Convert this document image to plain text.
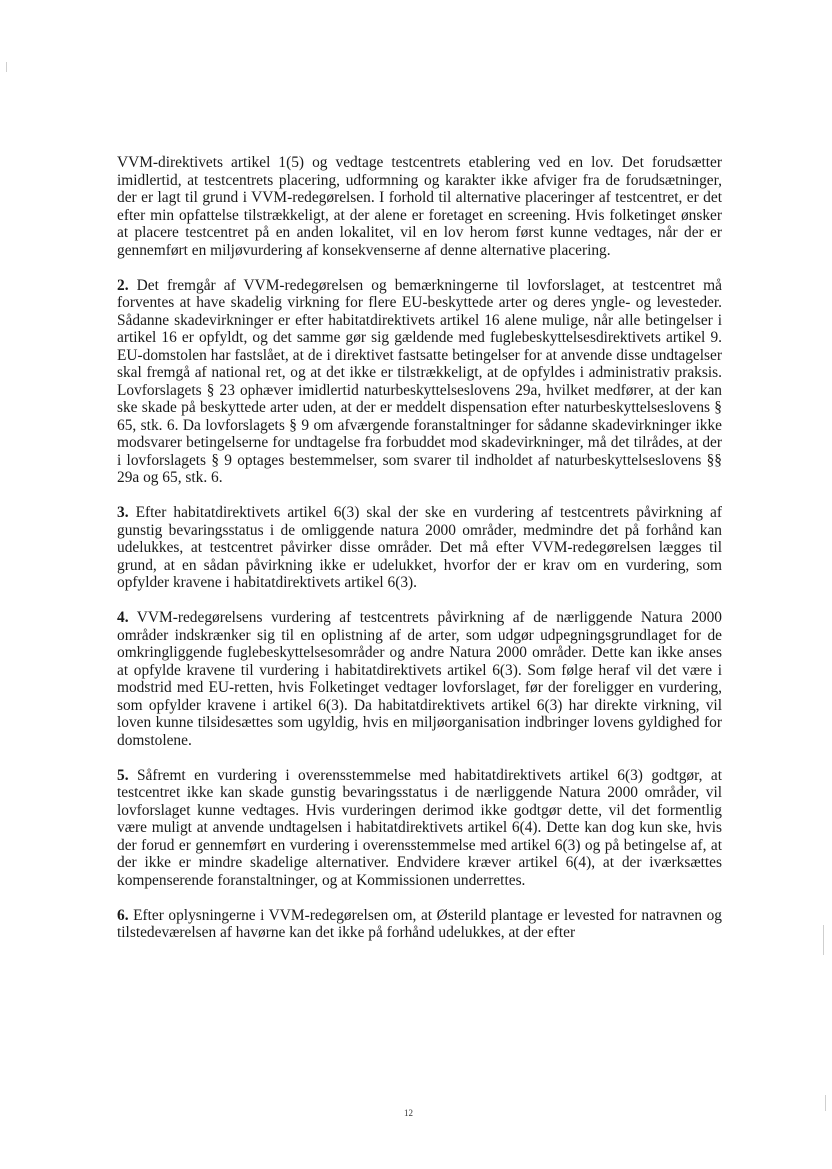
VVM-direktivets artikel 1(5) og vedtage testcentrets etablering ved en lov. Det forudsætter imidlertid, at testcentrets placering, udformning og karakter ikke afviger fra de forudsætninger, der er lagt til grund i VVM-redegørelsen. I forhold til alternative placeringer af testcentret, er det efter min opfattelse tilstrækkeligt, at der alene er foretaget en screening. Hvis folketinget ønsker at placere testcentret på en anden lokalitet, vil en lov herom først kunne vedtages, når der er gennemført en miljøvurdering af konsekvenserne af denne alternative placering.

2. Det fremgår af VVM-redegørelsen og bemærkningerne til lovforslaget, at testcentret må forventes at have skadelig virkning for flere EU-beskyttede arter og deres yngle- og levesteder. Sådanne skadevirkninger er efter habitatdirektivets artikel 16 alene mulige, når alle betingelser i artikel 16 er opfyldt, og det samme gør sig gældende med fuglebeskyttelsesdirektivets artikel 9. EU-domstolen har fastslået, at de i direktivet fastsatte betingelser for at anvende disse undtagelser skal fremgå af national ret, og at det ikke er tilstrækkeligt, at de opfyldes i administrativ praksis. Lovforslagets § 23 ophæver imidlertid naturbeskyttelseslovens 29a, hvilket medfører, at der kan ske skade på beskyttede arter uden, at der er meddelt dispensation efter naturbeskyttelseslovens § 65, stk. 6. Da lovforslagets § 9 om afværgende foranstaltninger for sådanne skadevirkninger ikke modsvarer betingelserne for undtagelse fra forbuddet mod skadevirkninger, må det tilrådes, at der i lovforslagets § 9 optages bestemmelser, som svarer til indholdet af naturbeskyttelseslovens §§ 29a og 65, stk. 6.

3. Efter habitatdirektivets artikel 6(3) skal der ske en vurdering af testcentrets påvirkning af gunstig bevaringsstatus i de omliggende natura 2000 områder, medmindre det på forhånd kan udelukkes, at testcentret påvirker disse områder. Det må efter VVM-redegørelsen lægges til grund, at en sådan påvirkning ikke er udelukket, hvorfor der er krav om en vurdering, som opfylder kravene i habitatdirektivets artikel 6(3).

4. VVM-redegørelsens vurdering af testcentrets påvirkning af de nærliggende Natura 2000 områder indskrænker sig til en oplistning af de arter, som udgør udpegningsgrundlaget for de omkringliggende fuglebeskyttelsesområder og andre Natura 2000 områder. Dette kan ikke anses at opfylde kravene til vurdering i habitatdirektivets artikel 6(3). Som følge heraf vil det være i modstrid med EU-retten, hvis Folketinget vedtager lovforslaget, før der foreligger en vurdering, som opfylder kravene i artikel 6(3). Da habitatdirektivets artikel 6(3) har direkte virkning, vil loven kunne tilsidesættes som ugyldig, hvis en miljøorganisation indbringer lovens gyldighed for domstolene.

5. Såfremt en vurdering i overensstemmelse med habitatdirektivets artikel 6(3) godtgør, at testcentret ikke kan skade gunstig bevaringsstatus i de nærliggende Natura 2000 områder, vil lovforslaget kunne vedtages. Hvis vurderingen derimod ikke godtgør dette, vil det formentlig være muligt at anvende undtagelsen i habitatdirektivets artikel 6(4). Dette kan dog kun ske, hvis der forud er gennemført en vurdering i overensstemmelse med artikel 6(3) og på betingelse af, at der ikke er mindre skadelige alternativer. Endvidere kræver artikel 6(4), at der iværksættes kompenserende foranstaltninger, og at Kommissionen underrettes.

6. Efter oplysningerne i VVM-redegørelsen om, at Østerild plantage er levested for natravnen og tilstedeværelsen af havørne kan det ikke på forhånd udelukkes, at der efter

12
